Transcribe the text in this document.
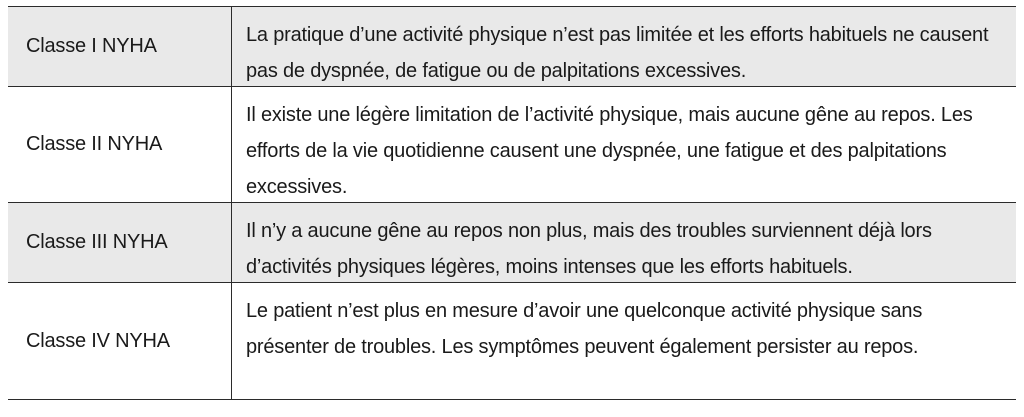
Classe I NYHA	La pratique d’une activité physique n’est pas limitée et les efforts habituels ne causent pas de dyspnée, de fatigue ou de palpitations excessives.
Classe II NYHA
Il existe une légère limitation de l’activité physique, mais aucune gêne au repos. Les efforts de la vie quotidienne causent une dyspnée, une fatigue et des palpitations excessives.
Classe III NYHA	Il n’y a aucune gêne au repos non plus, mais des troubles surviennent déjà lors d’activités physiques légères, moins intenses que les efforts habituels.
Classe IV NYHA
Le patient n’est plus en mesure d’avoir une quelconque activité physique sans présenter de troubles. Les symptômes peuvent également persister au repos.
